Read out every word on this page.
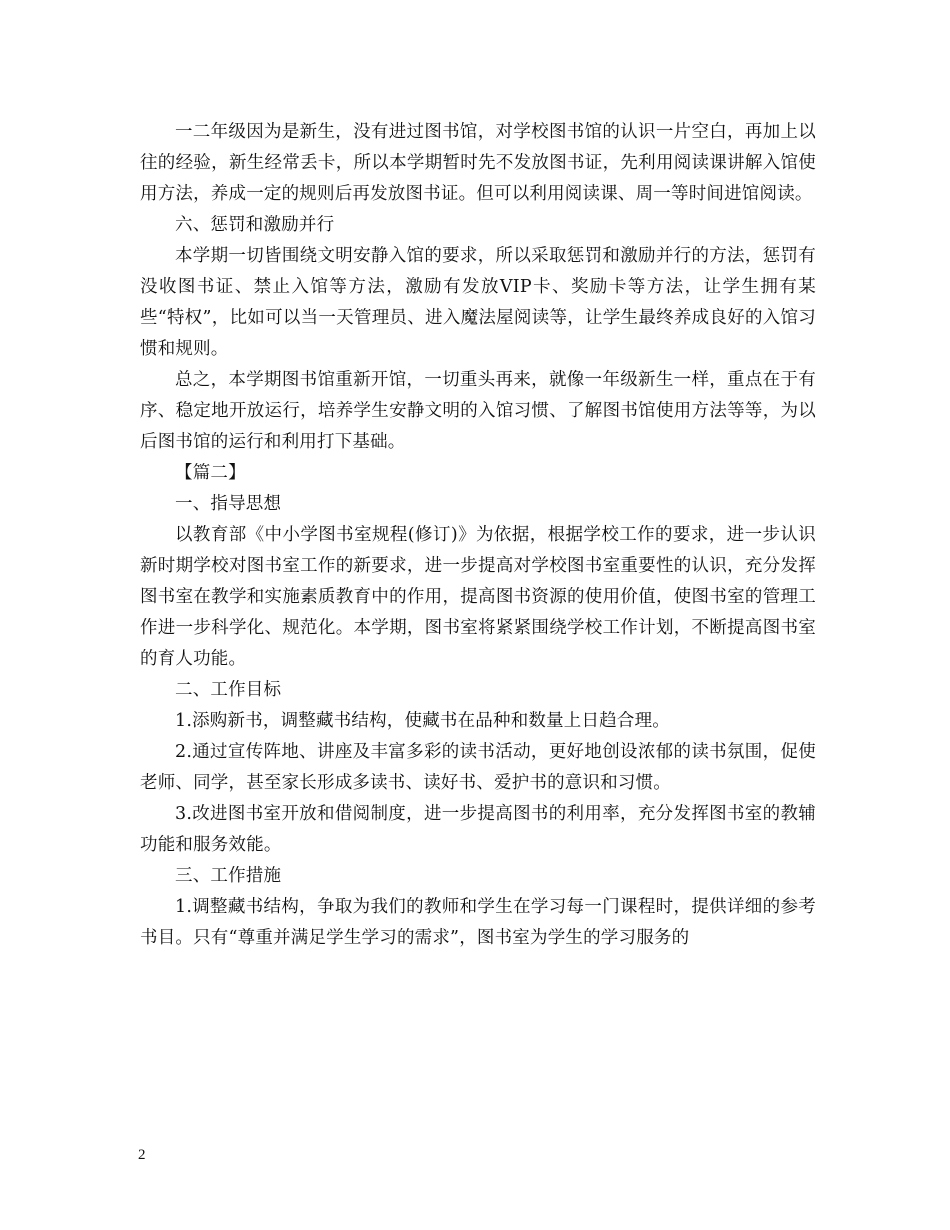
一二年级因为是新生，没有进过图书馆，对学校图书馆的认识一片空白，再加上以往的经验，新生经常丢卡，所以本学期暂时先不发放图书证，先利用阅读课讲解入馆使用方法，养成一定的规则后再发放图书证。但可以利用阅读课、周一等时间进馆阅读。

六、惩罚和激励并行

本学期一切皆围绕文明安静入馆的要求，所以采取惩罚和激励并行的方法，惩罚有没收图书证、禁止入馆等方法，激励有发放VIP卡、奖励卡等方法，让学生拥有某些“特权”，比如可以当一天管理员、进入魔法屋阅读等，让学生最终养成良好的入馆习惯和规则。

总之，本学期图书馆重新开馆，一切重头再来，就像一年级新生一样，重点在于有序、稳定地开放运行，培养学生安静文明的入馆习惯、了解图书馆使用方法等等，为以后图书馆的运行和利用打下基础。

【篇二】

一、指导思想

以教育部《中小学图书室规程(修订)》为依据，根据学校工作的要求，进一步认识新时期学校对图书室工作的新要求，进一步提高对学校图书室重要性的认识，充分发挥图书室在教学和实施素质教育中的作用，提高图书资源的使用价值，使图书室的管理工作进一步科学化、规范化。本学期，图书室将紧紧围绕学校工作计划，不断提高图书室的育人功能。

二、工作目标

1.添购新书，调整藏书结构，使藏书在品种和数量上日趋合理。

2.通过宣传阵地、讲座及丰富多彩的读书活动，更好地创设浓郁的读书氛围，促使老师、同学，甚至家长形成多读书、读好书、爱护书的意识和习惯。

3.改进图书室开放和借阅制度，进一步提高图书的利用率，充分发挥图书室的教辅功能和服务效能。

三、工作措施

1.调整藏书结构，争取为我们的教师和学生在学习每一门课程时，提供详细的参考书目。只有“尊重并满足学生学习的需求”，图书室为学生的学习服务的

2
